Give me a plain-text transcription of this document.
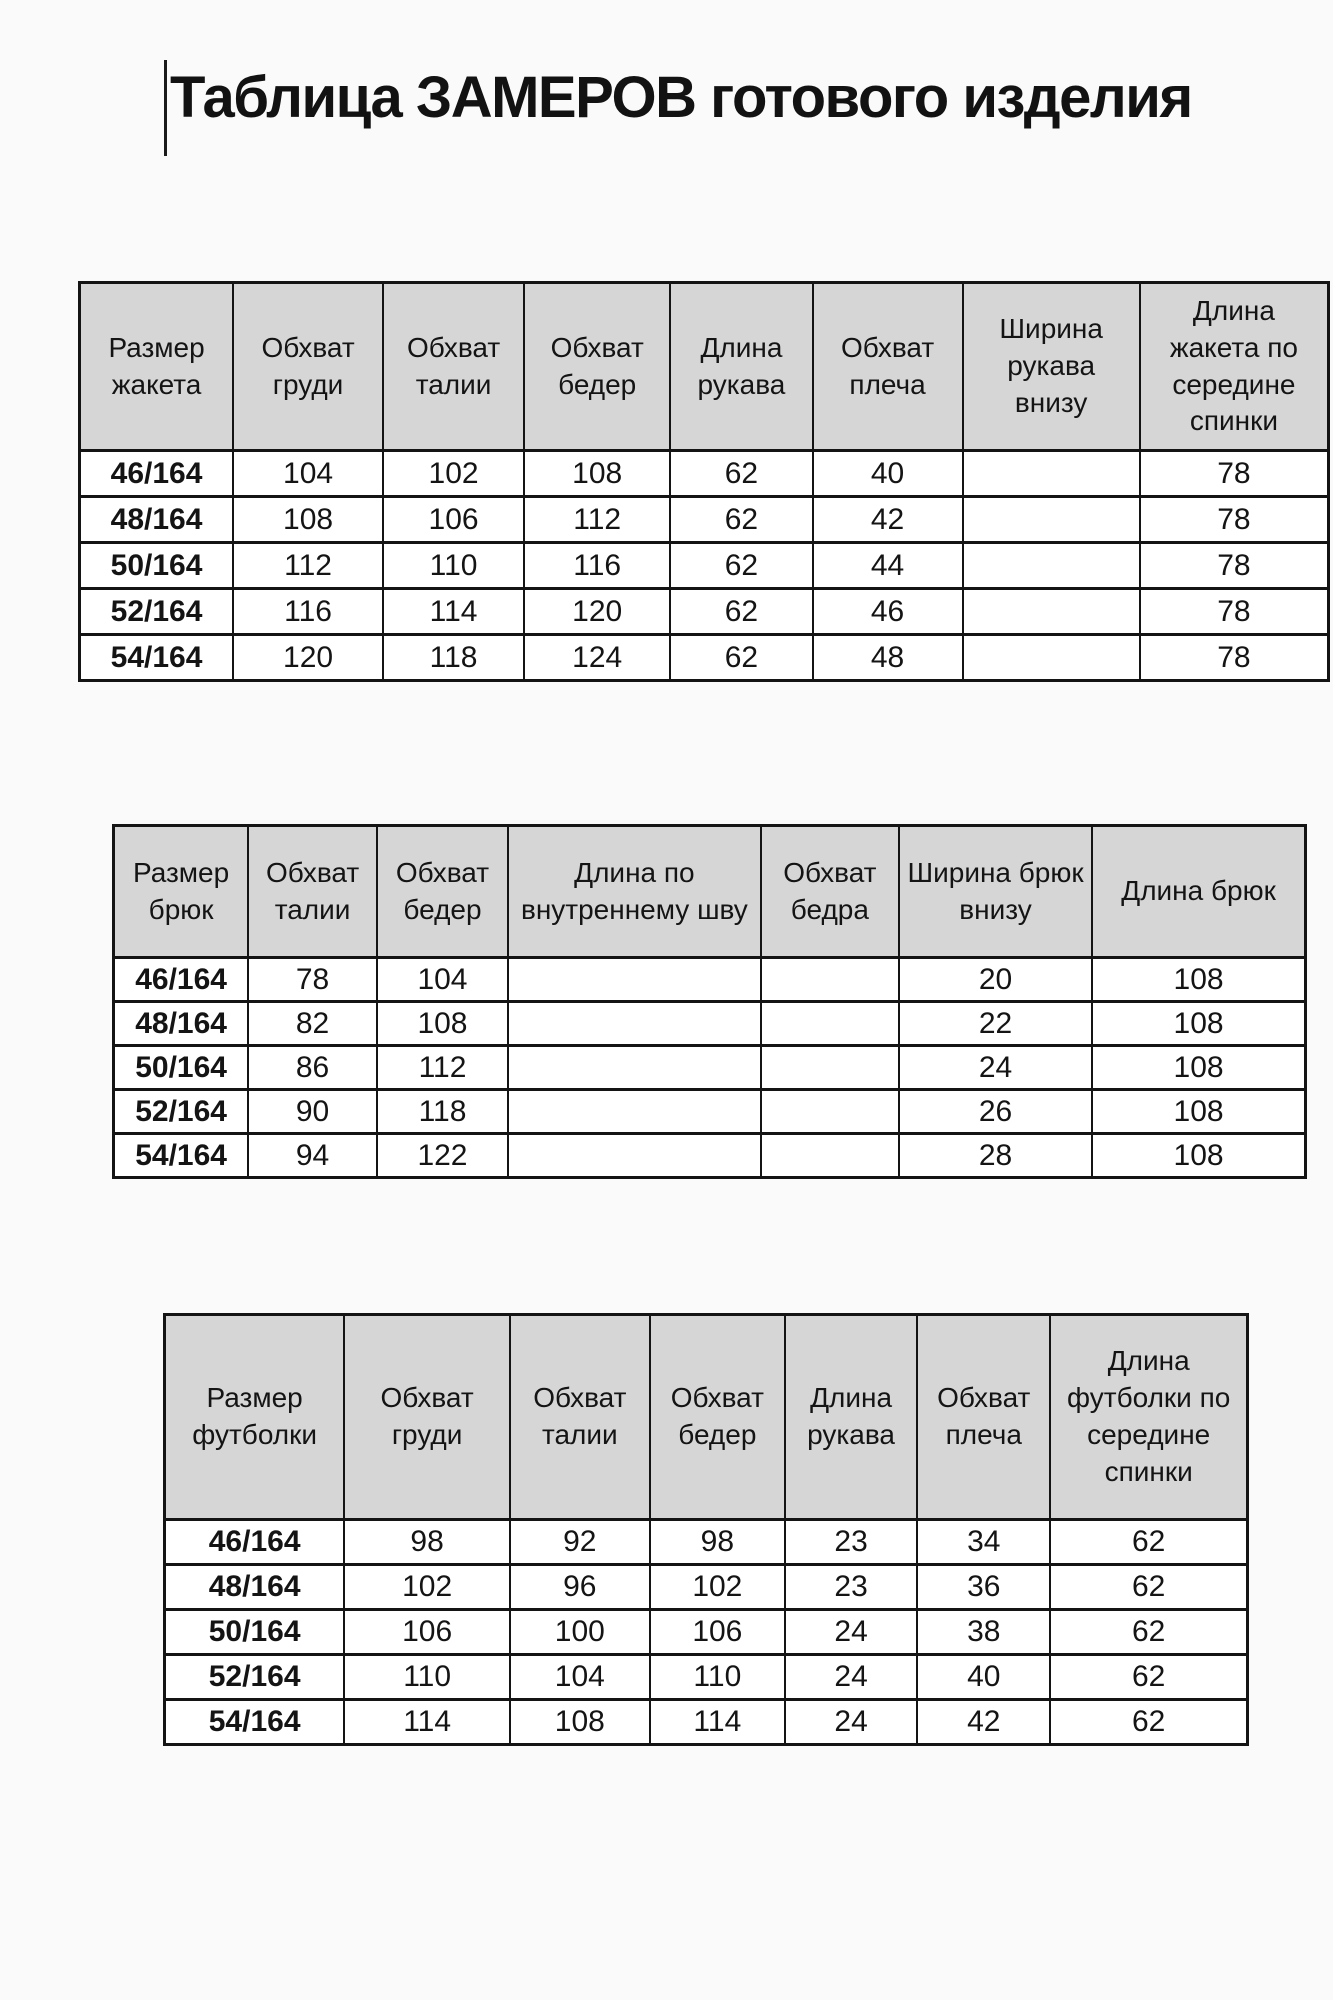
Таблица ЗАМЕРОВ готового изделия
Размер жакета	Обхват груди	Обхват талии	Обхват бедер	Длина рукава	Обхват плеча	Ширина рукава внизу	Длина жакета по середине спинки
46/164	104	102	108	62	40		78
48/164	108	106	112	62	42		78
50/164	112	110	116	62	44		78
52/164	116	114	120	62	46		78
54/164	120	118	124	62	48		78
Размер брюк	Обхват талии	Обхват бедер	Длина по внутреннему шву	Обхват бедра	Ширина брюк внизу	Длина брюк
46/164	78	104			20	108
48/164	82	108			22	108
50/164	86	112			24	108
52/164	90	118			26	108
54/164	94	122			28	108
Размер футболки	Обхват груди	Обхват талии	Обхват бедер	Длина рукава	Обхват плеча	Длина футболки по середине спинки
46/164	98	92	98	23	34	62
48/164	102	96	102	23	36	62
50/164	106	100	106	24	38	62
52/164	110	104	110	24	40	62
54/164	114	108	114	24	42	62
